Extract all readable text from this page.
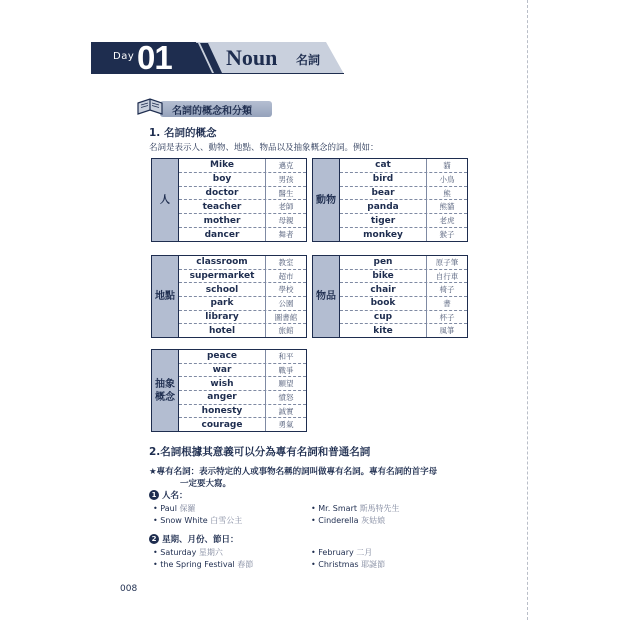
Day 01 Noun 名詞
名詞的概念和分類
1. 名詞的概念
名詞是表示人、動物、地點、物品以及抽象概念的詞。例如：
人
Mike	邁克
boy	男孩
doctor	醫生
teacher	老師
mother	母親
dancer	舞者
動物
cat	貓
bird	小鳥
bear	熊
panda	熊貓
tiger	老虎
monkey	猴子
地點
classroom	教室
supermarket	超市
school	學校
park	公園
library	圖書館
hotel	旅館
物品
pen	原子筆
bike	自行車
chair	椅子
book	書
cup	杯子
kite	風箏
抽象
概念
peace	和平
war	戰爭
wish	願望
anger	憤怒
honesty	誠實
courage	勇氣
2.名詞根據其意義可以分為專有名詞和普通名詞
★專有名詞：表示特定的人或事物名稱的詞叫做專有名詞。專有名詞的首字母
一定要大寫。
1 人名：
• Paul 保羅	• Mr. Smart 斯馬特先生
• Snow White 白雪公主	• Cinderella 灰姑娘
2 星期、月份、節日：
• Saturday 星期六	• February 二月
• the Spring Festival 春節	• Christmas 耶誕節
008
